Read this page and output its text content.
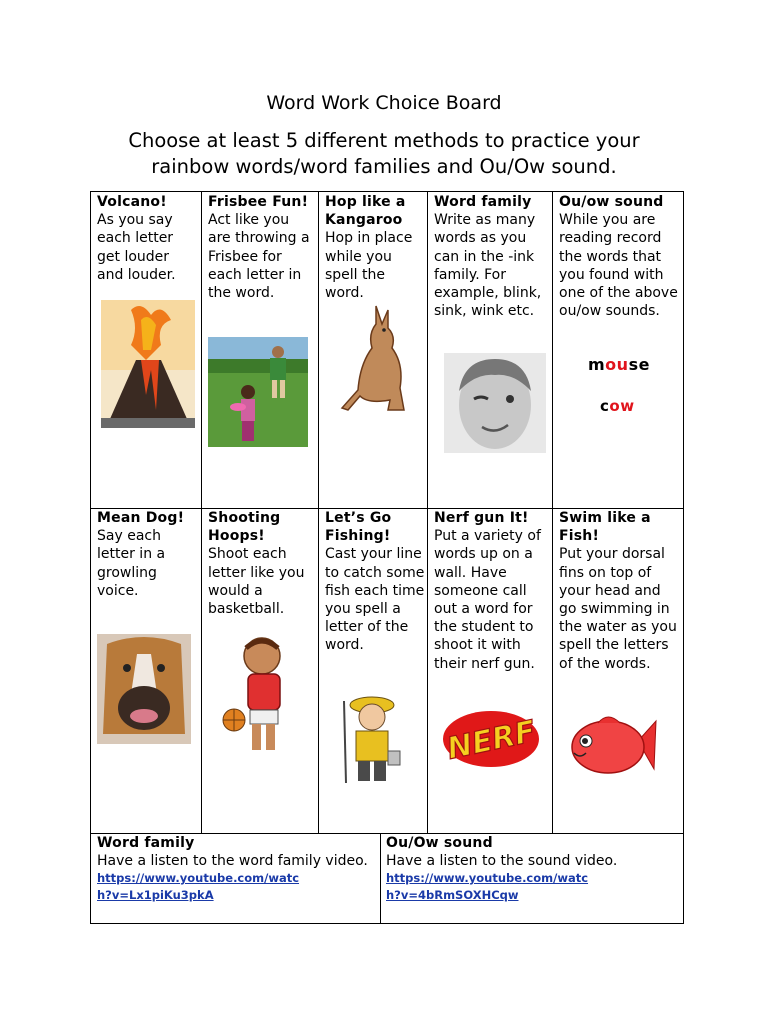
Word Work Choice Board
Choose at least 5 different methods to practice your rainbow words/word families and Ou/Ow sound.
Volcano!
As you say each letter get louder and louder.
Frisbee Fun!
Act like you are throwing a Frisbee for each letter in the word.
Hop like a Kangaroo
Hop in place while you spell the word.
Word family
Write as many words as you can in the -ink family. For example, blink, sink, wink etc.
Ou/ow sound
While you are reading record the words that you found with one of the above ou/ow sounds.
mouse
cow
Mean Dog!
Say each letter in a growling voice.
Shooting Hoops!
Shoot each letter like you would a basketball.
Let’s Go Fishing!
Cast your line to catch some fish each time you spell a letter of the word.
Nerf gun It!
Put a variety of words up on a wall. Have someone call out a word for the student to shoot it with their nerf gun.
NERF
Swim like a Fish!
Put your dorsal fins on top of your head and go swimming in the water as you spell the letters of the words.
Word family
Have a listen to the word family video.
https://www.youtube.com/watch?v=Lx1piKu3pkA
Ou/Ow sound
Have a listen to the sound video.
https://www.youtube.com/watch?v=4bRmSOXHCqw
